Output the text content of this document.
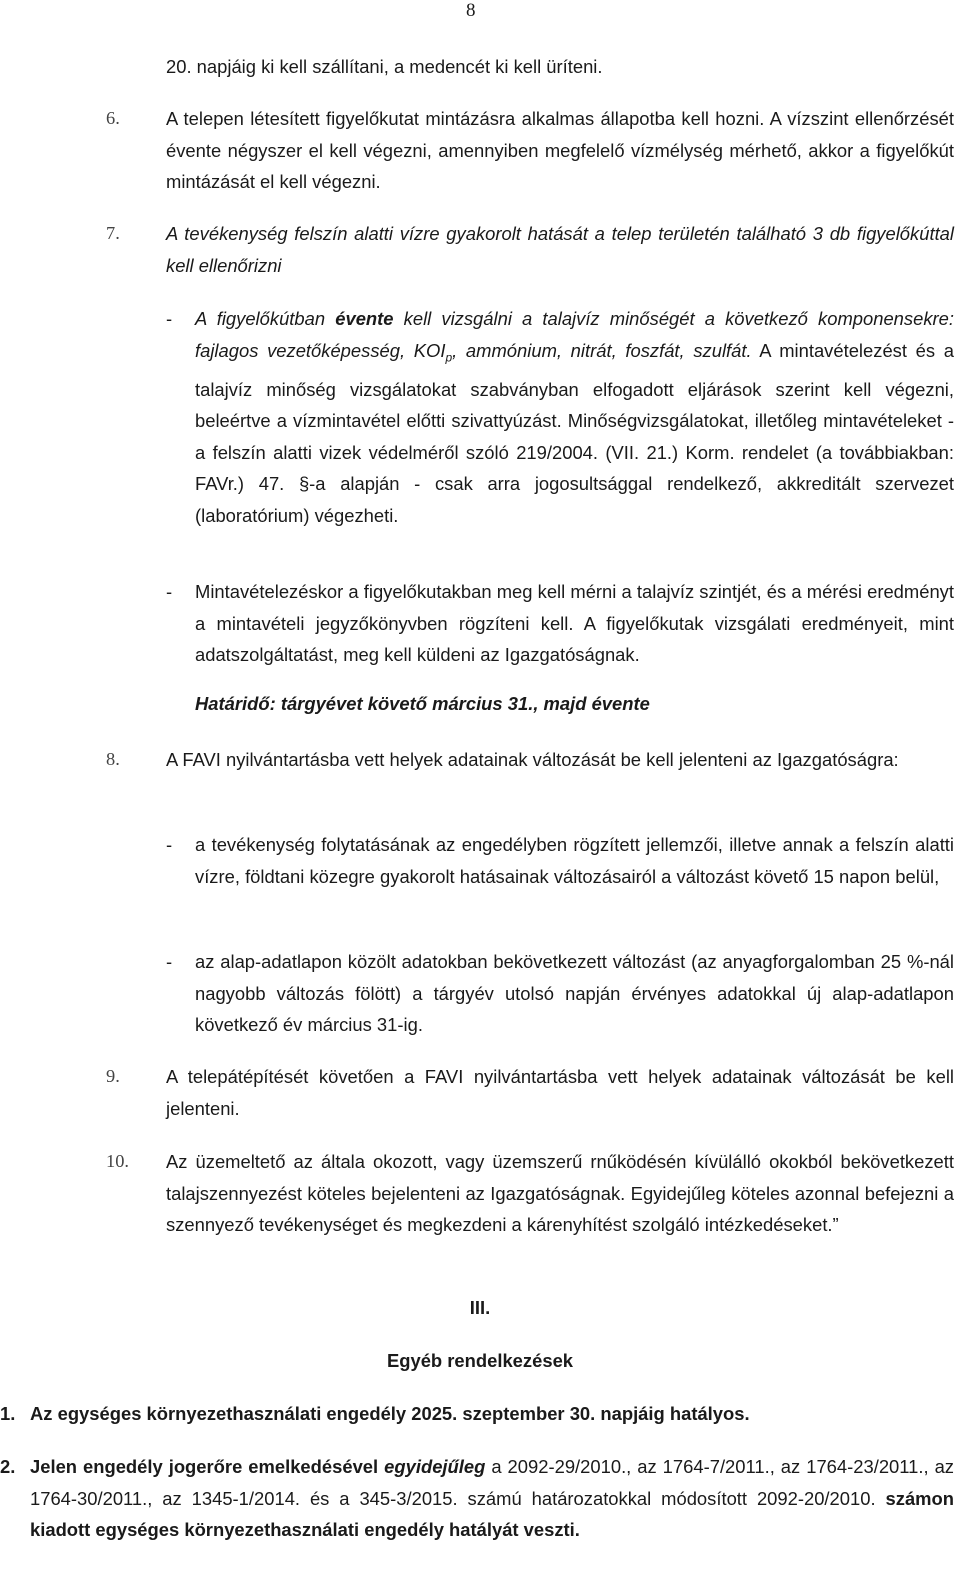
8
20. napjáig ki kell szállítani, a medencét ki kell üríteni.
6.	A telepen létesített figyelőkutat mintázásra alkalmas állapotba kell hozni. A vízszint ellenőrzését évente négyszer el kell végezni, amennyiben megfelelő vízmélység mérhető, akkor a figyelőkút mintázását el kell végezni.
7.	A tevékenység felszín alatti vízre gyakorolt hatását a telep területén található 3 db figyelőkúttal kell ellenőrizni
- A figyelőkútban évente kell vizsgálni a talajvíz minőségét a következő komponensekre: fajlagos vezetőképesség, $KOI_p$, ammónium, nitrát, foszfát, szulfát. A mintavételezést és a talajvíz minőség vizsgálatokat szabványban elfogadott eljárások szerint kell végezni, beleértve a vízmintavétel előtti szivattyúzást. Minőségvizsgálatokat, illetőleg mintavételeket - a felszín alatti vizek védelméről szóló 219/2004. (VII. 21.) Korm. rendelet (a továbbiakban: FAVr.) 47. §-a alapján - csak arra jogosultsággal rendelkező, akkreditált szervezet (laboratórium) végezheti.
- Mintavételezéskor a figyelőkutakban meg kell mérni a talajvíz szintjét, és a mérési eredményt a mintavételi jegyzőkönyvben rögzíteni kell. A figyelőkutak vizsgálati eredményeit, mint adatszolgáltatást, meg kell küldeni az Igazgatóságnak.
Határidő: tárgyévet követő március 31., majd évente
8.	A FAVI nyilvántartásba vett helyek adatainak változását be kell jelenteni az Igazgatóságra:
- a tevékenység folytatásának az engedélyben rögzített jellemzői, illetve annak a felszín alatti vízre, földtani közegre gyakorolt hatásainak változásairól a változást követő 15 napon belül,
- az alap-adatlapon közölt adatokban bekövetkezett változást (az anyagforgalomban 25 %-nál nagyobb változás fölött) a tárgyév utolsó napján érvényes adatokkal új alap-adatlapon következő év március 31-ig.
9.	A telepátépítését követően a FAVI nyilvántartásba vett helyek adatainak változását be kell jelenteni.
10. Az üzemeltető az általa okozott, vagy üzemszerű rnűködésén kívülálló okokból bekövetkezett talajszennyezést köteles bejelenteni az Igazgatóságnak. Egyidejűleg köteles azonnal befejezni a szennyező tevékenységet és megkezdeni a kárenyhítést szolgáló intézkedéseket.”
III.
Egyéb rendelkezések
1. Az egységes környezethasználati engedély 2025. szeptember 30. napjáig hatályos.
2. Jelen engedély jogerőre emelkedésével egyidejűleg a 2092-29/2010., az 1764-7/2011., az 1764-23/2011., az 1764-30/2011., az 1345-1/2014. és a 345-3/2015. számú határozatokkal módosított 2092-20/2010. számon kiadott egységes környezethasználati engedély hatályát veszti.
